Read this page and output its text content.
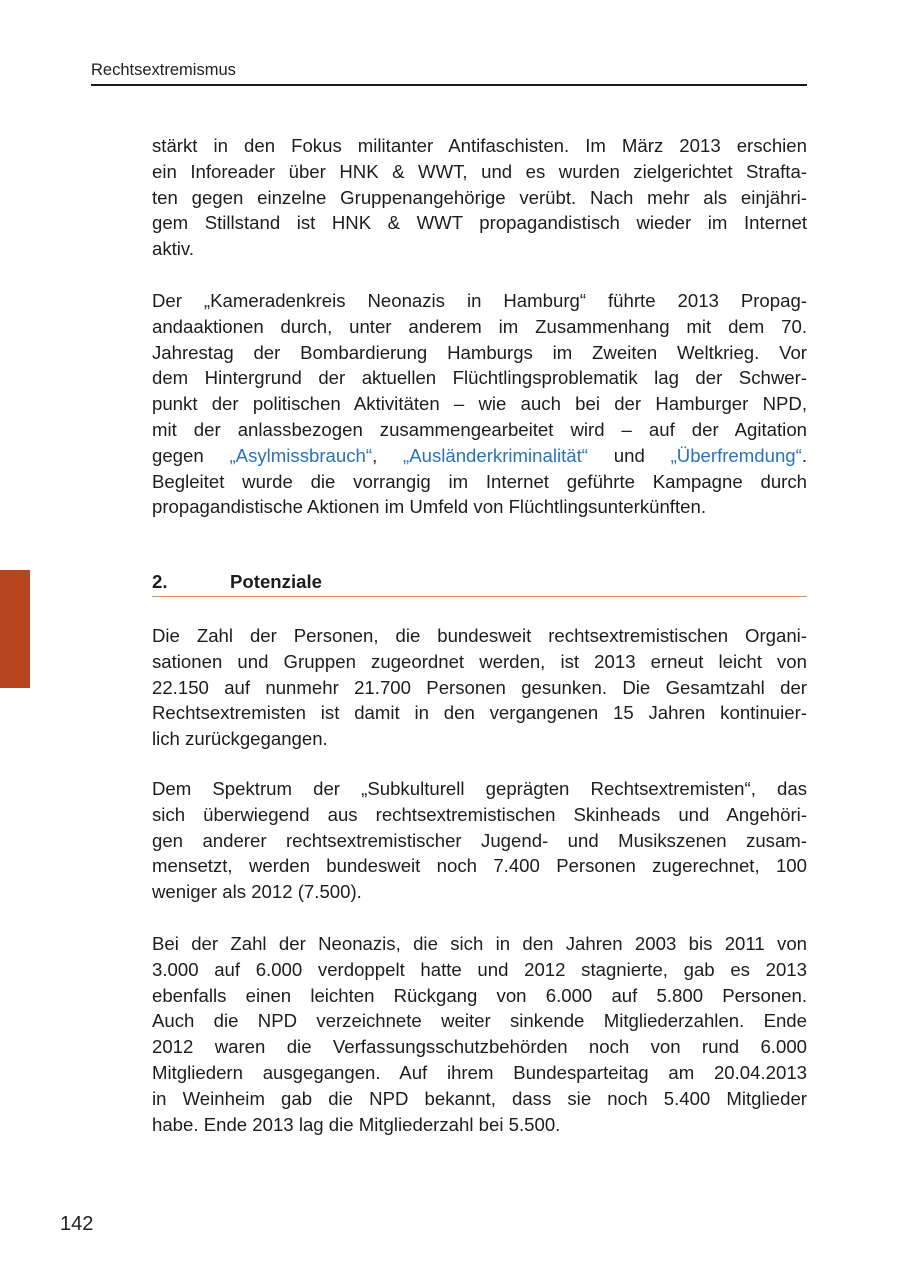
Rechtsextremismus
stärkt in den Fokus militanter Antifaschisten. Im März 2013 erschien
ein Inforeader über HNK & WWT, und es wurden zielgerichtet Strafta-
ten gegen einzelne Gruppenangehörige verübt. Nach mehr als einjähri-
gem Stillstand ist HNK & WWT propagandistisch wieder im Internet
aktiv.
Der „Kameradenkreis Neonazis in Hamburg“ führte 2013 Propag-
andaaktionen durch, unter anderem im Zusammenhang mit dem 70.
Jahrestag der Bombardierung Hamburgs im Zweiten Weltkrieg. Vor
dem Hintergrund der aktuellen Flüchtlingsproblematik lag der Schwer-
punkt der politischen Aktivitäten – wie auch bei der Hamburger NPD,
mit der anlassbezogen zusammengearbeitet wird – auf der Agitation
gegen „Asylmissbrauch“, „Ausländerkriminalität“ und „Überfremdung“.
Begleitet wurde die vorrangig im Internet geführte Kampagne durch
propagandistische Aktionen im Umfeld von Flüchtlingsunterkünften.
2.	Potenziale
Die Zahl der Personen, die bundesweit rechtsextremistischen Organi-
sationen und Gruppen zugeordnet werden, ist 2013 erneut leicht von
22.150 auf nunmehr 21.700 Personen gesunken. Die Gesamtzahl der
Rechtsextremisten ist damit in den vergangenen 15 Jahren kontinuier-
lich zurückgegangen.
Dem Spektrum der „Subkulturell geprägten Rechtsextremisten“, das
sich überwiegend aus rechtsextremistischen Skinheads und Angehöri-
gen anderer rechtsextremistischer Jugend- und Musikszenen zusam-
mensetzt, werden bundesweit noch 7.400 Personen zugerechnet, 100
weniger als 2012 (7.500).
Bei der Zahl der Neonazis, die sich in den Jahren 2003 bis 2011 von
3.000 auf 6.000 verdoppelt hatte und 2012 stagnierte, gab es 2013
ebenfalls einen leichten Rückgang von 6.000 auf 5.800 Personen.
Auch die NPD verzeichnete weiter sinkende Mitgliederzahlen. Ende
2012 waren die Verfassungsschutzbehörden noch von rund 6.000
Mitgliedern ausgegangen. Auf ihrem Bundesparteitag am 20.04.2013
in Weinheim gab die NPD bekannt, dass sie noch 5.400 Mitglieder
habe. Ende 2013 lag die Mitgliederzahl bei 5.500.
142
